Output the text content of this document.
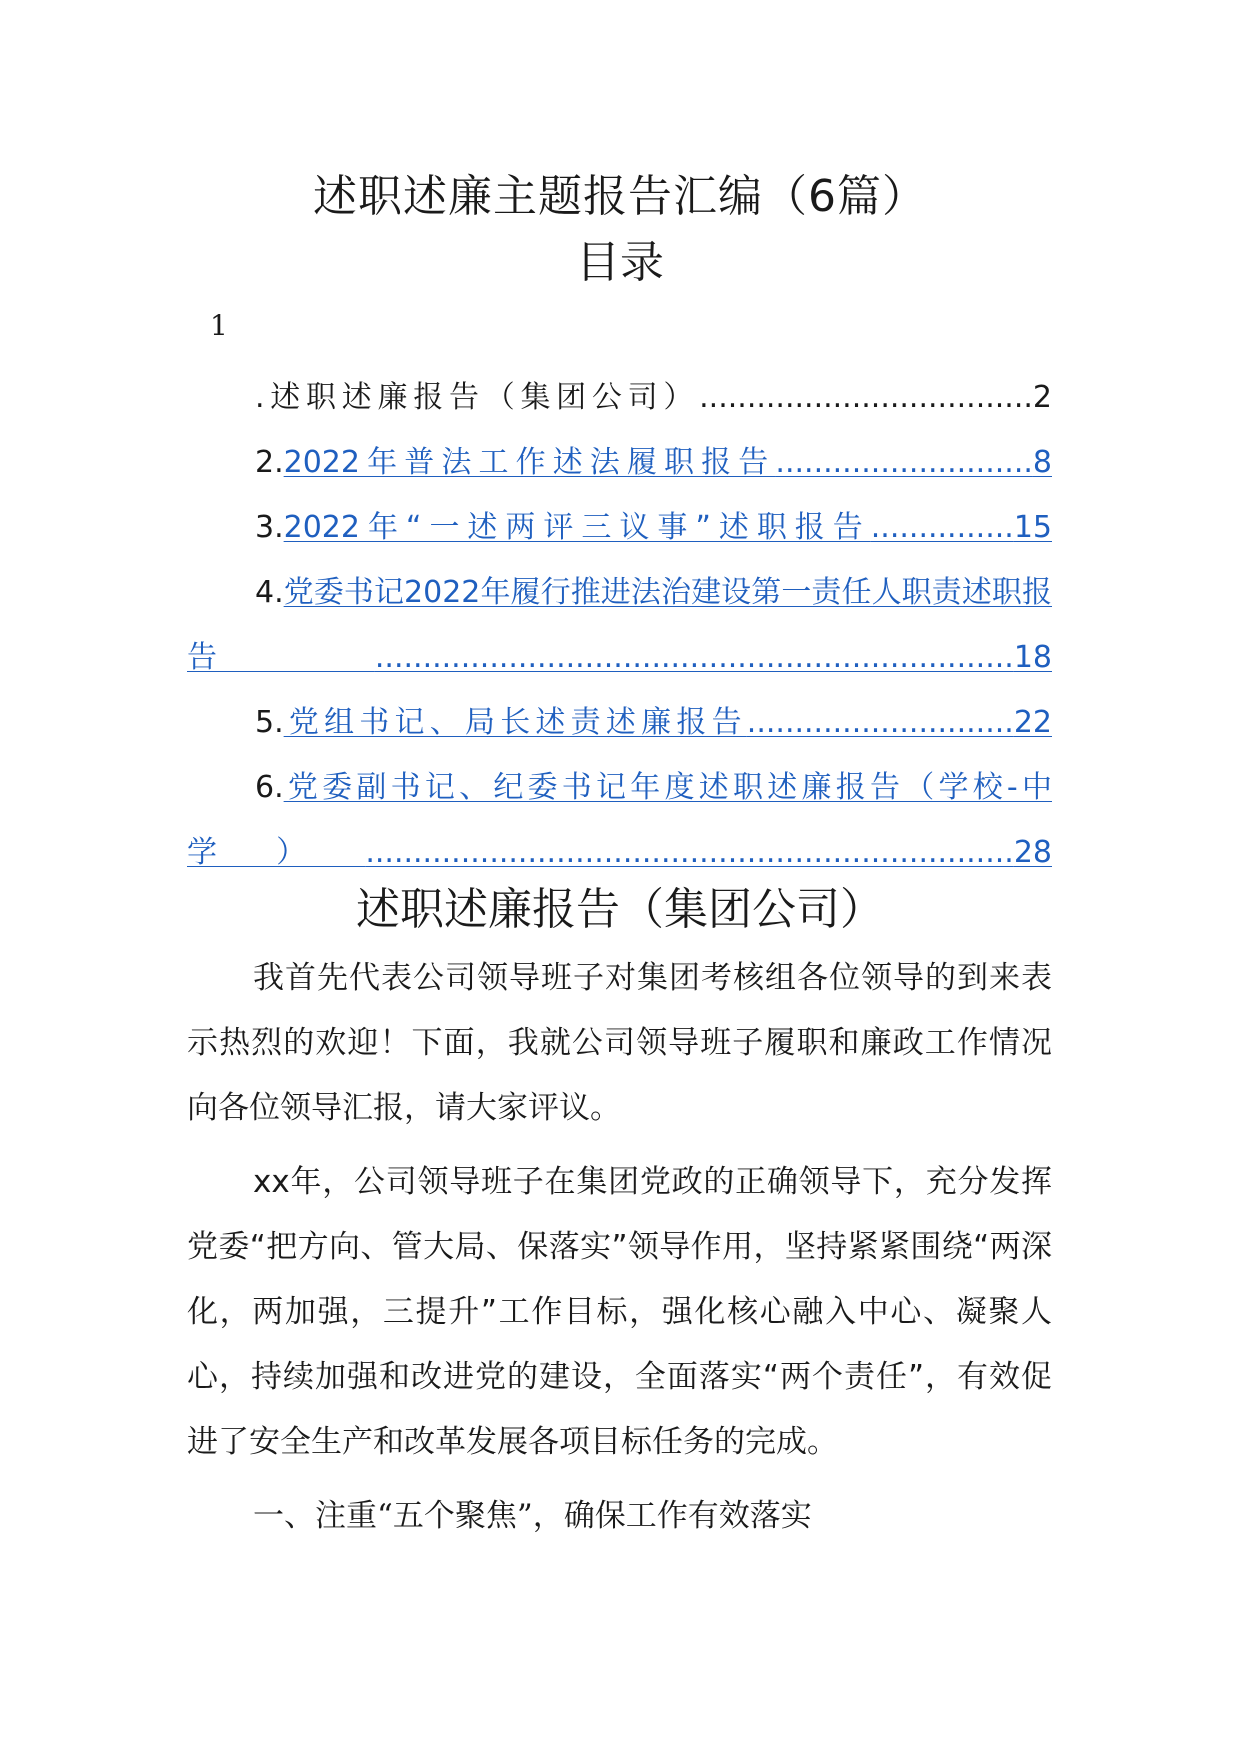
述职述廉主题报告汇编（6篇）
目录
1

.述职述廉报告（集团公司）...................................2

2.2022年普法工作述法履职报告...........................8

3.2022年“一述两评三议事”述职报告...............15

4.党委书记2022年履行推进法治建设第一责任人职责述职报告...................................................................18

5.党组书记、局长述责述廉报告............................22

6.党委副书记、纪委书记年度述职述廉报告（学校-中学）....................................................................28

述职述廉报告（集团公司）

我首先代表公司领导班子对集团考核组各位领导的到来表示热烈的欢迎！下面，我就公司领导班子履职和廉政工作情况向各位领导汇报，请大家评议。

xx年，公司领导班子在集团党政的正确领导下，充分发挥党委“把方向、管大局、保落实”领导作用，坚持紧紧围绕“两深化，两加强，三提升”工作目标，强化核心融入中心、凝聚人心，持续加强和改进党的建设，全面落实“两个责任”，有效促进了安全生产和改革发展各项目标任务的完成。

一、注重“五个聚焦”，确保工作有效落实
